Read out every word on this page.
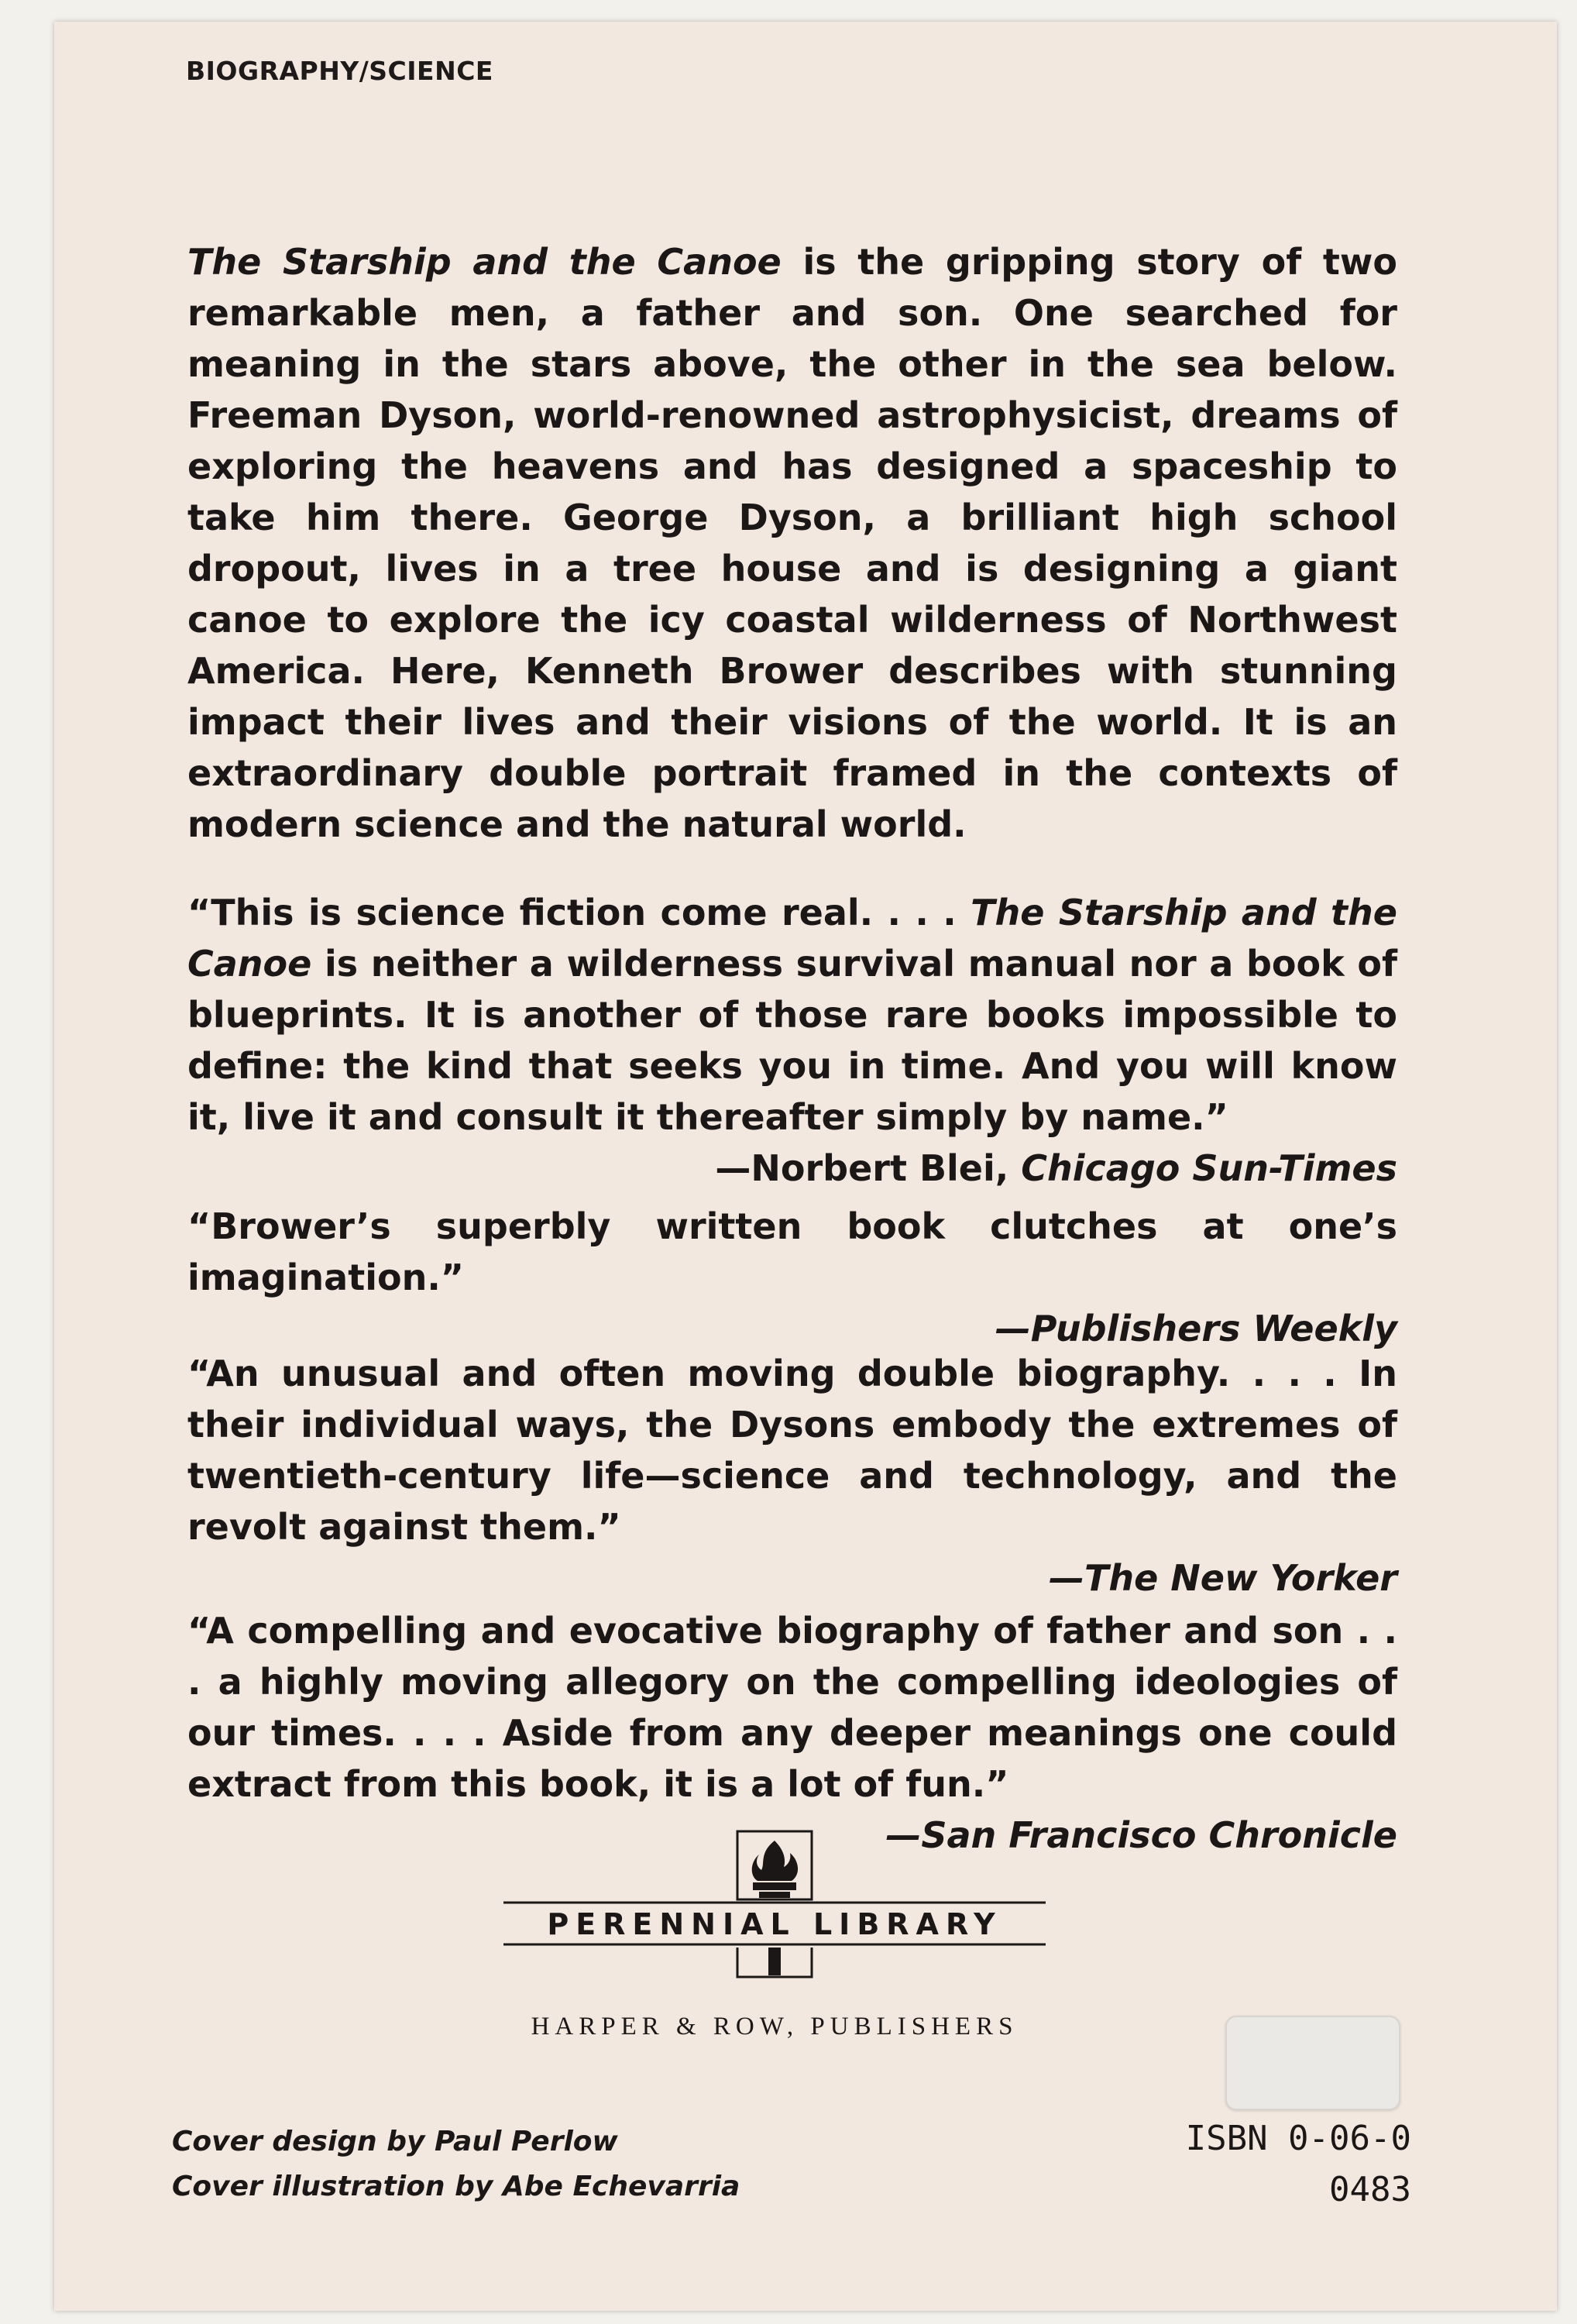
BIOGRAPHY/SCIENCE
The Starship and the Canoe is the gripping story of two remarkable men, a father and son. One searched for meaning in the stars above, the other in the sea below. Freeman Dyson, world-renowned astrophysicist, dreams of exploring the heavens and has designed a spaceship to take him there. George Dyson, a brilliant high school dropout, lives in a tree house and is designing a giant canoe to explore the icy coastal wilderness of Northwest America. Here, Kenneth Brower describes with stunning impact their lives and their visions of the world. It is an extraordinary double portrait framed in the contexts of modern science and the natural world.
“This is science fiction come real. . . . The Starship and the Canoe is neither a wilderness survival manual nor a book of blueprints. It is another of those rare books impossible to define: the kind that seeks you in time. And you will know it, live it and consult it thereafter simply by name.”
—Norbert Blei, Chicago Sun-Times
“Brower’s superbly written book clutches at one’s imagination.”
—Publishers Weekly
“An unusual and often moving double biography. . . . In their individual ways, the Dysons embody the extremes of twentieth-century life—science and technology, and the revolt against them.”
—The New Yorker
“A compelling and evocative biography of father and son . . . a highly moving allegory on the compelling ideologies of our times. . . . Aside from any deeper meanings one could extract from this book, it is a lot of fun.”
—San Francisco Chronicle
PERENNIAL LIBRARY
HARPER & ROW, PUBLISHERS
Cover design by Paul Perlow
Cover illustration by Abe Echevarria
ISBN 0-06-0
0483
